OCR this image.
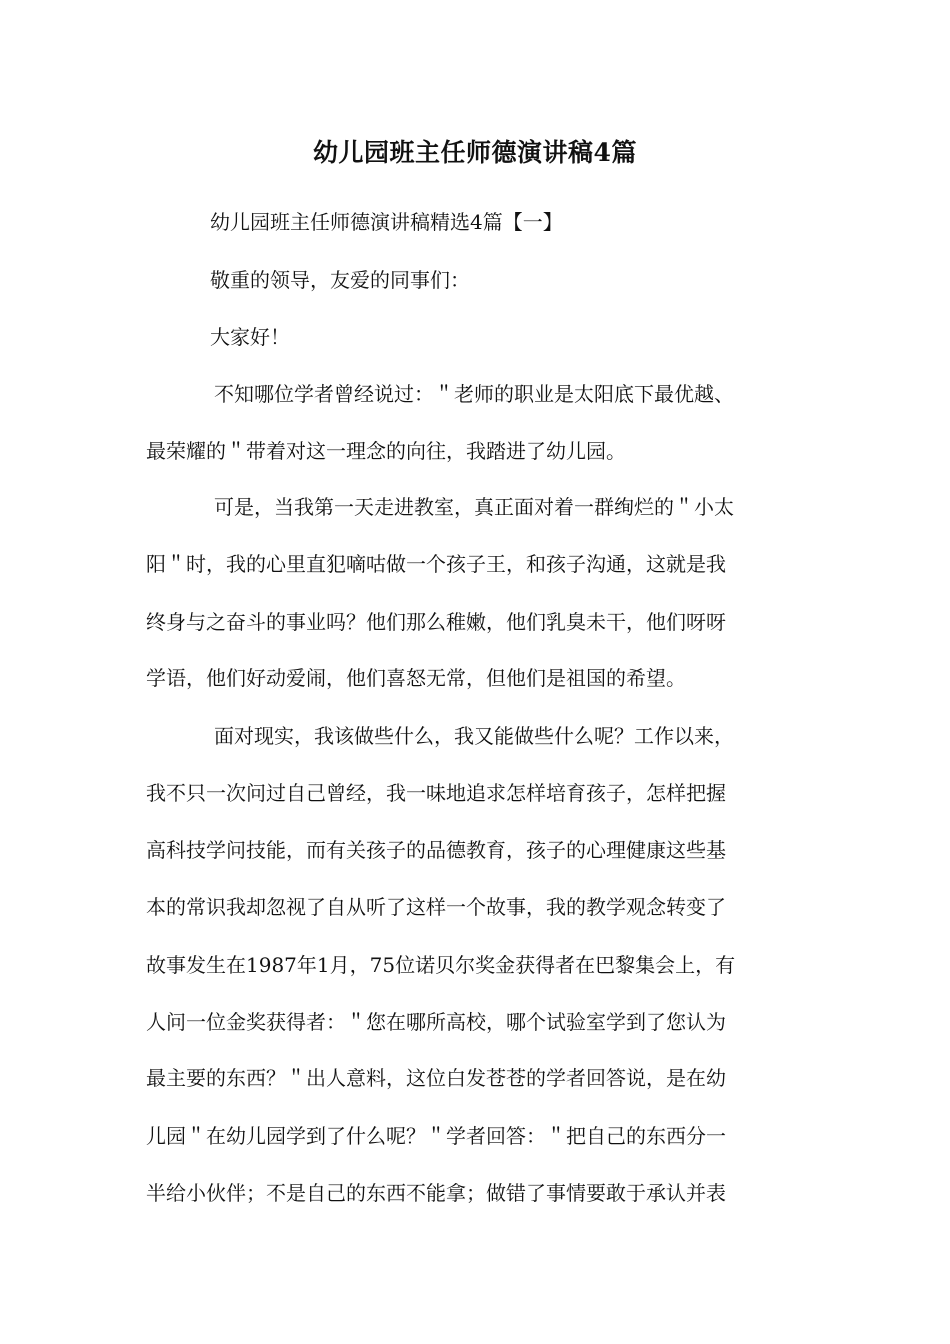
幼儿园班主任师德演讲稿4篇
幼儿园班主任师德演讲稿精选4篇【一】
敬重的领导，友爱的同事们：
大家好！
不知哪位学者曾经说过：＂老师的职业是太阳底下最优越、
最荣耀的＂带着对这一理念的向往，我踏进了幼儿园。
可是，当我第一天走进教室，真正面对着一群绚烂的＂小太
阳＂时，我的心里直犯嘀咕做一个孩子王，和孩子沟通，这就是我
终身与之奋斗的事业吗？他们那么稚嫩，他们乳臭未干，他们呀呀
学语，他们好动爱闹，他们喜怒无常，但他们是祖国的希望。
面对现实，我该做些什么，我又能做些什么呢？工作以来，
我不只一次问过自己曾经，我一味地追求怎样培育孩子，怎样把握
高科技学问技能，而有关孩子的品德教育，孩子的心理健康这些基
本的常识我却忽视了自从听了这样一个故事，我的教学观念转变了
故事发生在1987年1月，75位诺贝尔奖金获得者在巴黎集会上，有
人问一位金奖获得者：＂您在哪所高校，哪个试验室学到了您认为
最主要的东西？＂出人意料，这位白发苍苍的学者回答说，是在幼
儿园＂在幼儿园学到了什么呢？＂学者回答：＂把自己的东西分一
半给小伙伴；不是自己的东西不能拿；做错了事情要敢于承认并表
